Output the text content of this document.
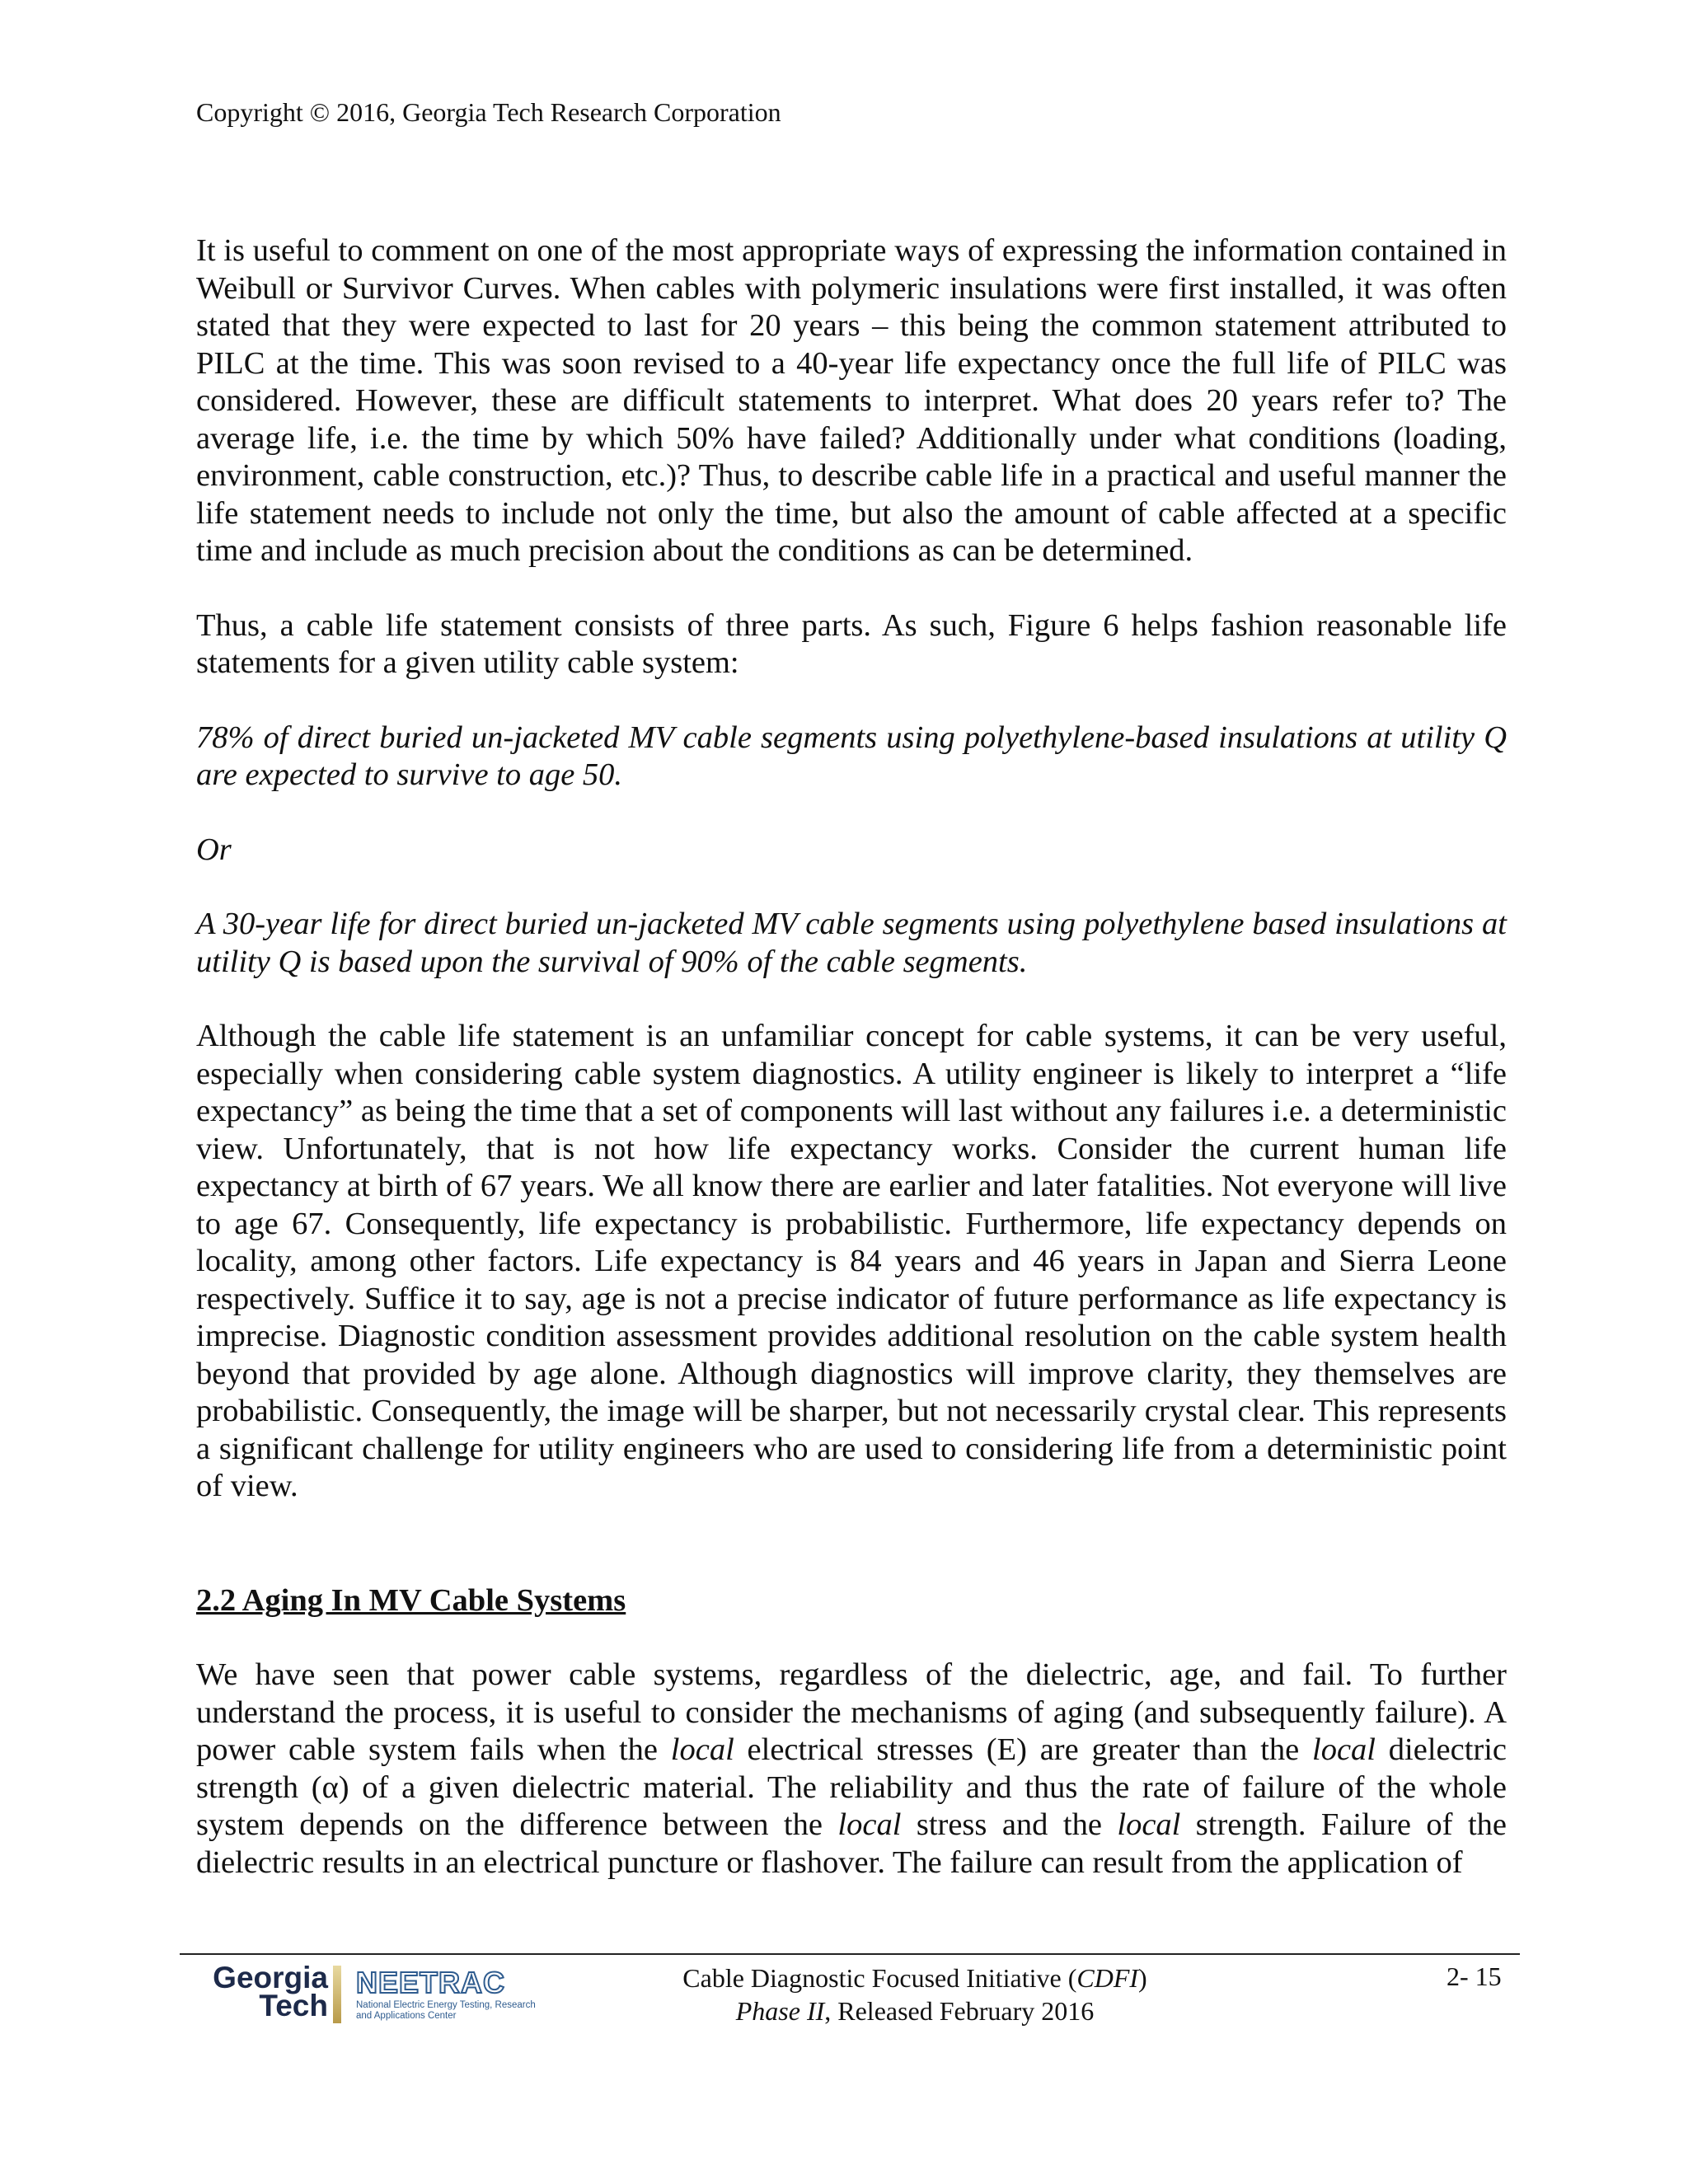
Copyright © 2016, Georgia Tech Research Corporation

It is useful to comment on one of the most appropriate ways of expressing the information contained in Weibull or Survivor Curves. When cables with polymeric insulations were first installed, it was often stated that they were expected to last for 20 years – this being the common statement attributed to PILC at the time. This was soon revised to a 40-year life expectancy once the full life of PILC was considered. However, these are difficult statements to interpret. What does 20 years refer to? The average life, i.e. the time by which 50% have failed? Additionally under what conditions (loading, environment, cable construction, etc.)? Thus, to describe cable life in a practical and useful manner the life statement needs to include not only the time, but also the amount of cable affected at a specific time and include as much precision about the conditions as can be determined.

Thus, a cable life statement consists of three parts. As such, Figure 6 helps fashion reasonable life statements for a given utility cable system:

78% of direct buried un-jacketed MV cable segments using polyethylene-based insulations at utility Q are expected to survive to age 50.

Or

A 30-year life for direct buried un-jacketed MV cable segments using polyethylene based insulations at utility Q is based upon the survival of 90% of the cable segments.

Although the cable life statement is an unfamiliar concept for cable systems, it can be very useful, especially when considering cable system diagnostics. A utility engineer is likely to interpret a “life expectancy” as being the time that a set of components will last without any failures i.e. a deterministic view. Unfortunately, that is not how life expectancy works. Consider the current human life expectancy at birth of 67 years. We all know there are earlier and later fatalities. Not everyone will live to age 67. Consequently, life expectancy is probabilistic. Furthermore, life expectancy depends on locality, among other factors. Life expectancy is 84 years and 46 years in Japan and Sierra Leone respectively. Suffice it to say, age is not a precise indicator of future performance as life expectancy is imprecise. Diagnostic condition assessment provides additional resolution on the cable system health beyond that provided by age alone. Although diagnostics will improve clarity, they themselves are probabilistic. Consequently, the image will be sharper, but not necessarily crystal clear. This represents a significant challenge for utility engineers who are used to considering life from a deterministic point of view.

2.2 Aging In MV Cable Systems

We have seen that power cable systems, regardless of the dielectric, age, and fail. To further understand the process, it is useful to consider the mechanisms of aging (and subsequently failure). A power cable system fails when the local electrical stresses (E) are greater than the local dielectric strength (α) of a given dielectric material. The reliability and thus the rate of failure of the whole system depends on the difference between the local stress and the local strength. Failure of the dielectric results in an electrical puncture or flashover. The failure can result from the application of

Georgia
Tech
NEETRAC
National Electric Energy Testing, Research
and Applications Center
Cable Diagnostic Focused Initiative (CDFI)
Phase II, Released February 2016
2- 15
